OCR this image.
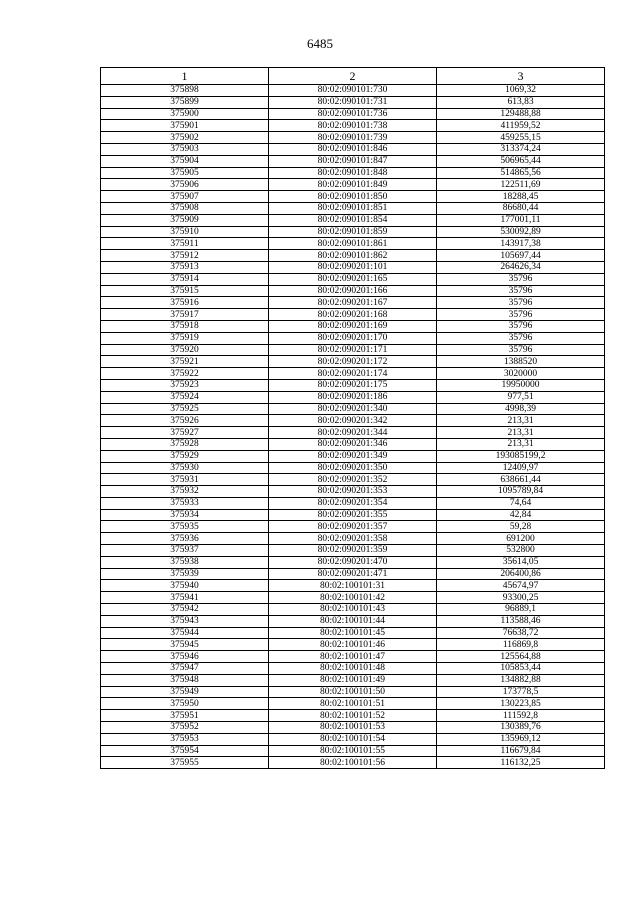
6485
1	2	3
375898	80:02:090101:730	1069,32
375899	80:02:090101:731	613,83
375900	80:02:090101:736	129488,88
375901	80:02:090101:738	411959,52
375902	80:02:090101:739	459255,15
375903	80:02:090101:846	313374,24
375904	80:02:090101:847	506965,44
375905	80:02:090101:848	514865,56
375906	80:02:090101:849	122511,69
375907	80:02:090101:850	18288,45
375908	80:02:090101:851	86680,44
375909	80:02:090101:854	177001,11
375910	80:02:090101:859	530092,89
375911	80:02:090101:861	143917,38
375912	80:02:090101:862	105697,44
375913	80:02:090201:101	264626,34
375914	80:02:090201:165	35796
375915	80:02:090201:166	35796
375916	80:02:090201:167	35796
375917	80:02:090201:168	35796
375918	80:02:090201:169	35796
375919	80:02:090201:170	35796
375920	80:02:090201:171	35796
375921	80:02:090201:172	1388520
375922	80:02:090201:174	3020000
375923	80:02:090201:175	19950000
375924	80:02:090201:186	977,51
375925	80:02:090201:340	4998,39
375926	80:02:090201:342	213,31
375927	80:02:090201:344	213,31
375928	80:02:090201:346	213,31
375929	80:02:090201:349	193085199,2
375930	80:02:090201:350	12409,97
375931	80:02:090201:352	638661,44
375932	80:02:090201:353	1095789,84
375933	80:02:090201:354	74,64
375934	80:02:090201:355	42,84
375935	80:02:090201:357	59,28
375936	80:02:090201:358	691200
375937	80:02:090201:359	532800
375938	80:02:090201:470	35614,05
375939	80:02:090201:471	206400,86
375940	80:02:100101:31	45674,97
375941	80:02:100101:42	93300,25
375942	80:02:100101:43	96889,1
375943	80:02:100101:44	113588,46
375944	80:02:100101:45	76638,72
375945	80:02:100101:46	116869,8
375946	80:02:100101:47	125564,88
375947	80:02:100101:48	105853,44
375948	80:02:100101:49	134882,88
375949	80:02:100101:50	173778,5
375950	80:02:100101:51	130223,85
375951	80:02:100101:52	111592,8
375952	80:02:100101:53	130389,76
375953	80:02:100101:54	135969,12
375954	80:02:100101:55	116679,84
375955	80:02:100101:56	116132,25
